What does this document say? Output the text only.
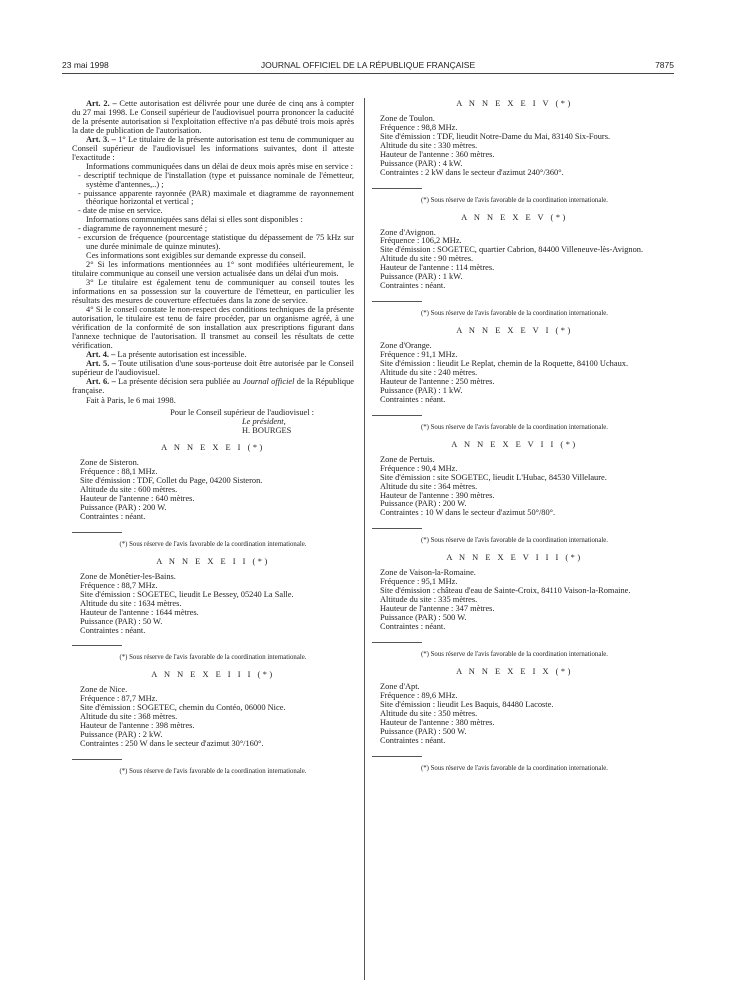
23 mai 1998	JOURNAL OFFICIEL DE LA RÉPUBLIQUE FRANÇAISE	7875

Art. 2. – Cette autorisation est délivrée pour une durée de cinq ans à compter du 27 mai 1998. Le Conseil supérieur de l'audiovisuel pourra prononcer la caducité de la présente autorisation si l'exploitation effective n'a pas débuté trois mois après la date de publication de l'autorisation.

Art. 3. – 1° Le titulaire de la présente autorisation est tenu de communiquer au Conseil supérieur de l'audiovisuel les informations suivantes, dont il atteste l'exactitude :

Informations communiquées dans un délai de deux mois après mise en service :

- descriptif technique de l'installation (type et puissance nominale de l'émetteur, système d'antennes,..) ;

- puissance apparente rayonnée (PAR) maximale et diagramme de rayonnement théorique horizontal et vertical ;

- date de mise en service.

Informations communiquées sans délai si elles sont disponibles :

- diagramme de rayonnement mesuré ;

- excursion de fréquence (pourcentage statistique du dépassement de 75 kHz sur une durée minimale de quinze minutes).

Ces informations sont exigibles sur demande expresse du conseil.

2° Si les informations mentionnées au 1° sont modifiées ultérieurement, le titulaire communique au conseil une version actualisée dans un délai d'un mois.

3° Le titulaire est également tenu de communiquer au conseil toutes les informations en sa possession sur la couverture de l'émetteur, en particulier les résultats des mesures de couverture effectuées dans la zone de service.

4° Si le conseil constate le non-respect des conditions techniques de la présente autorisation, le titulaire est tenu de faire procéder, par un organisme agréé, à une vérification de la conformité de son installation aux prescriptions figurant dans l'annexe technique de l'autorisation. Il transmet au conseil les résultats de cette vérification.

Art. 4. – La présente autorisation est incessible.

Art. 5. – Toute utilisation d'une sous-porteuse doit être autorisée par le Conseil supérieur de l'audiovisuel.

Art. 6. – La présente décision sera publiée au Journal officiel de la République française.

Fait à Paris, le 6 mai 1998.

Pour le Conseil supérieur de l'audiovisuel :

Le président,

H. BOURGES

A N N E X E I (*)

Zone de Sisteron.

Fréquence : 88,1 MHz.

Site d'émission : TDF, Collet du Page, 04200 Sisteron.

Altitude du site : 600 mètres.

Hauteur de l'antenne : 640 mètres.

Puissance (PAR) : 200 W.

Contraintes : néant.

(*) Sous réserve de l'avis favorable de la coordination internationale.

A N N E X E I I (*)

Zone de Monêtier-les-Bains.

Fréquence : 88,7 MHz.

Site d'émission : SOGETEC, lieudit Le Bessey, 05240 La Salle.

Altitude du site : 1634 mètres.

Hauteur de l'antenne : 1644 mètres.

Puissance (PAR) : 50 W.

Contraintes : néant.

(*) Sous réserve de l'avis favorable de la coordination internationale.

A N N E X E I I I (*)

Zone de Nice.

Fréquence : 87,7 MHz.

Site d'émission : SOGETEC, chemin du Contéo, 06000 Nice.

Altitude du site : 368 mètres.

Hauteur de l'antenne : 398 mètres.

Puissance (PAR) : 2 kW.

Contraintes : 250 W dans le secteur d'azimut 30°/160°.

(*) Sous réserve de l'avis favorable de la coordination internationale.

A N N E X E I V (*)

Zone de Toulon.

Fréquence : 98,8 MHz.

Site d'émission : TDF, lieudit Notre-Dame du Mai, 83140 Six-Fours.

Altitude du site : 330 mètres.

Hauteur de l'antenne : 360 mètres.

Puissance (PAR) : 4 kW.

Contraintes : 2 kW dans le secteur d'azimut 240°/360°.

(*) Sous réserve de l'avis favorable de la coordination internationale.

A N N E X E V (*)

Zone d'Avignon.

Fréquence : 106,2 MHz.

Site d'émission : SOGETEC, quartier Cabrion, 84400 Villeneuve-lès-Avignon.

Altitude du site : 90 mètres.

Hauteur de l'antenne : 114 mètres.

Puissance (PAR) : 1 kW.

Contraintes : néant.

(*) Sous réserve de l'avis favorable de la coordination internationale.

A N N E X E V I (*)

Zone d'Orange.

Fréquence : 91,1 MHz.

Site d'émission : lieudit Le Replat, chemin de la Roquette, 84100 Uchaux.

Altitude du site : 240 mètres.

Hauteur de l'antenne : 250 mètres.

Puissance (PAR) : 1 kW.

Contraintes : néant.

(*) Sous réserve de l'avis favorable de la coordination internationale.

A N N E X E V I I (*)

Zone de Pertuis.

Fréquence : 90,4 MHz.

Site d'émission : site SOGETEC, lieudit L'Hubac, 84530 Villelaure.

Altitude du site : 364 mètres.

Hauteur de l'antenne : 390 mètres.

Puissance (PAR) : 200 W.

Contraintes : 10 W dans le secteur d'azimut 50°/80°.

(*) Sous réserve de l'avis favorable de la coordination internationale.

A N N E X E V I I I (*)

Zone de Vaison-la-Romaine.

Fréquence : 95,1 MHz.

Site d'émission : château d'eau de Sainte-Croix, 84110 Vaison-la-Romaine.

Altitude du site : 335 mètres.

Hauteur de l'antenne : 347 mètres.

Puissance (PAR) : 500 W.

Contraintes : néant.

(*) Sous réserve de l'avis favorable de la coordination internationale.

A N N E X E I X (*)

Zone d'Apt.

Fréquence : 89,6 MHz.

Site d'émission : lieudit Les Baquis, 84480 Lacoste.

Altitude du site : 350 mètres.

Hauteur de l'antenne : 380 mètres.

Puissance (PAR) : 500 W.

Contraintes : néant.

(*) Sous réserve de l'avis favorable de la coordination internationale.
